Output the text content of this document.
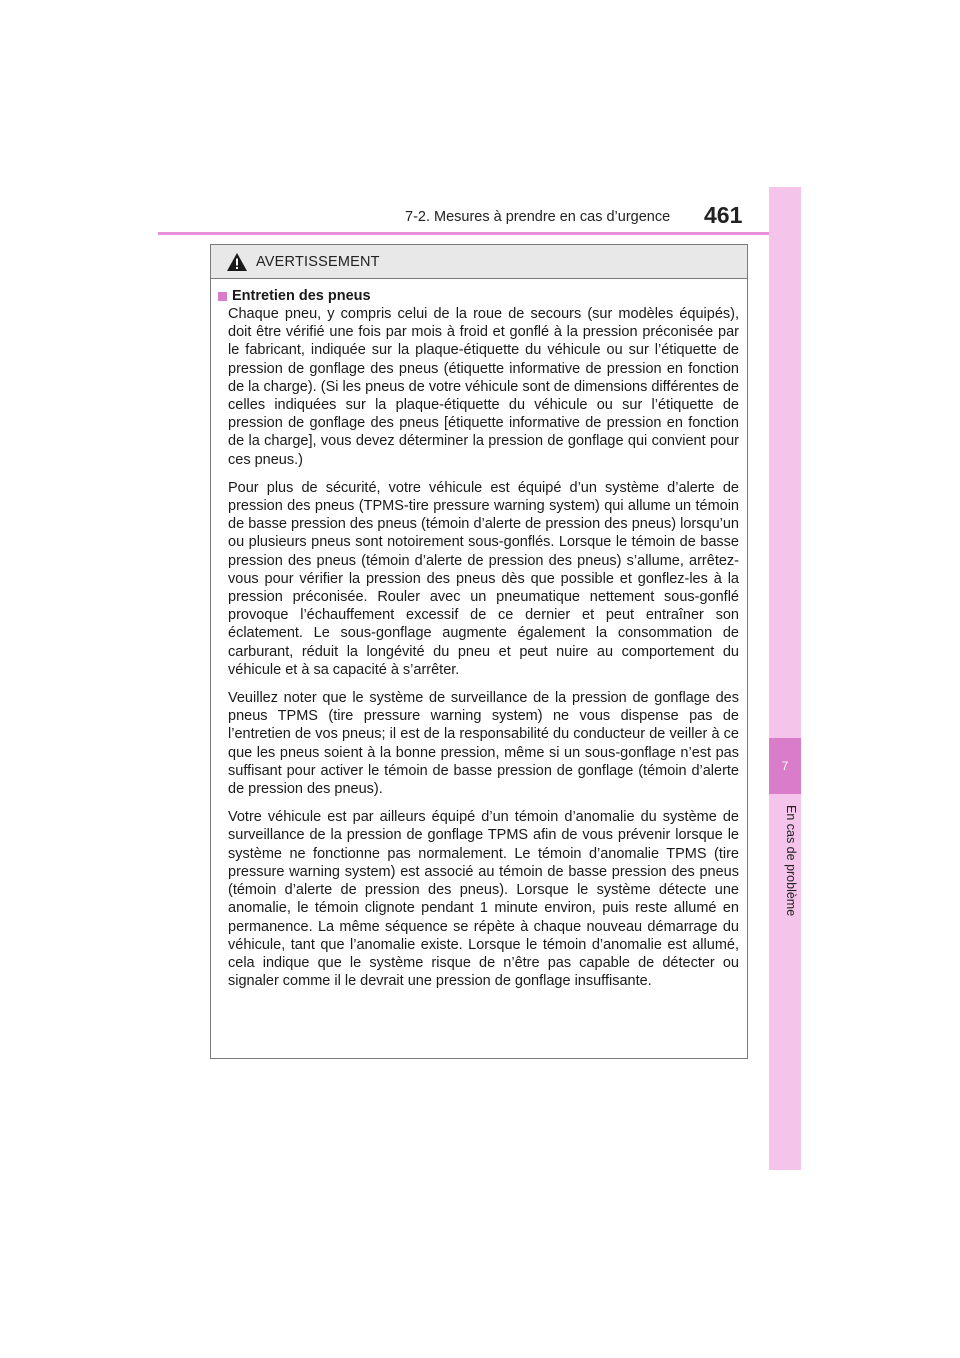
7-2. Mesures à prendre en cas d’urgence 461
7
En cas de problème
AVERTISSEMENT
Entretien des pneus

Chaque pneu, y compris celui de la roue de secours (sur modèles équipés), doit être vérifié une fois par mois à froid et gonflé à la pression préconisée par le fabricant, indiquée sur la plaque-étiquette du véhicule ou sur l’étiquette de pression de gonflage des pneus (étiquette informative de pression en fonction de la charge). (Si les pneus de votre véhicule sont de dimensions différentes de celles indiquées sur la plaque-étiquette du véhicule ou sur l’étiquette de pression de gonflage des pneus [étiquette informative de pression en fonction de la charge], vous devez déterminer la pression de gonflage qui convient pour ces pneus.)

Pour plus de sécurité, votre véhicule est équipé d’un système d’alerte de pression des pneus (TPMS-tire pressure warning system) qui allume un témoin de basse pression des pneus (témoin d’alerte de pression des pneus) lorsqu’un ou plusieurs pneus sont notoirement sous-gonflés. Lorsque le témoin de basse pression des pneus (témoin d’alerte de pression des pneus) s’allume, arrêtez-vous pour vérifier la pression des pneus dès que possible et gonflez-les à la pression préconisée. Rouler avec un pneumatique nettement sous-gonflé provoque l’échauffement excessif de ce dernier et peut entraîner son éclatement. Le sous-gonflage augmente également la consommation de carburant, réduit la longévité du pneu et peut nuire au comportement du véhicule et à sa capacité à s’arrêter.

Veuillez noter que le système de surveillance de la pression de gonflage des pneus TPMS (tire pressure warning system) ne vous dispense pas de l’entretien de vos pneus; il est de la responsabilité du conducteur de veiller à ce que les pneus soient à la bonne pression, même si un sous-gonflage n’est pas suffisant pour activer le témoin de basse pression de gonflage (témoin d’alerte de pression des pneus).

Votre véhicule est par ailleurs équipé d’un témoin d’anomalie du système de surveillance de la pression de gonflage TPMS afin de vous prévenir lorsque le système ne fonctionne pas normalement. Le témoin d’anomalie TPMS (tire pressure warning system) est associé au témoin de basse pression des pneus (témoin d’alerte de pression des pneus). Lorsque le système détecte une anomalie, le témoin clignote pendant 1 minute environ, puis reste allumé en permanence. La même séquence se répète à chaque nouveau démarrage du véhicule, tant que l’anomalie existe. Lorsque le témoin d’anomalie est allumé, cela indique que le système risque de n’être pas capable de détecter ou signaler comme il le devrait une pression de gonflage insuffisante.
